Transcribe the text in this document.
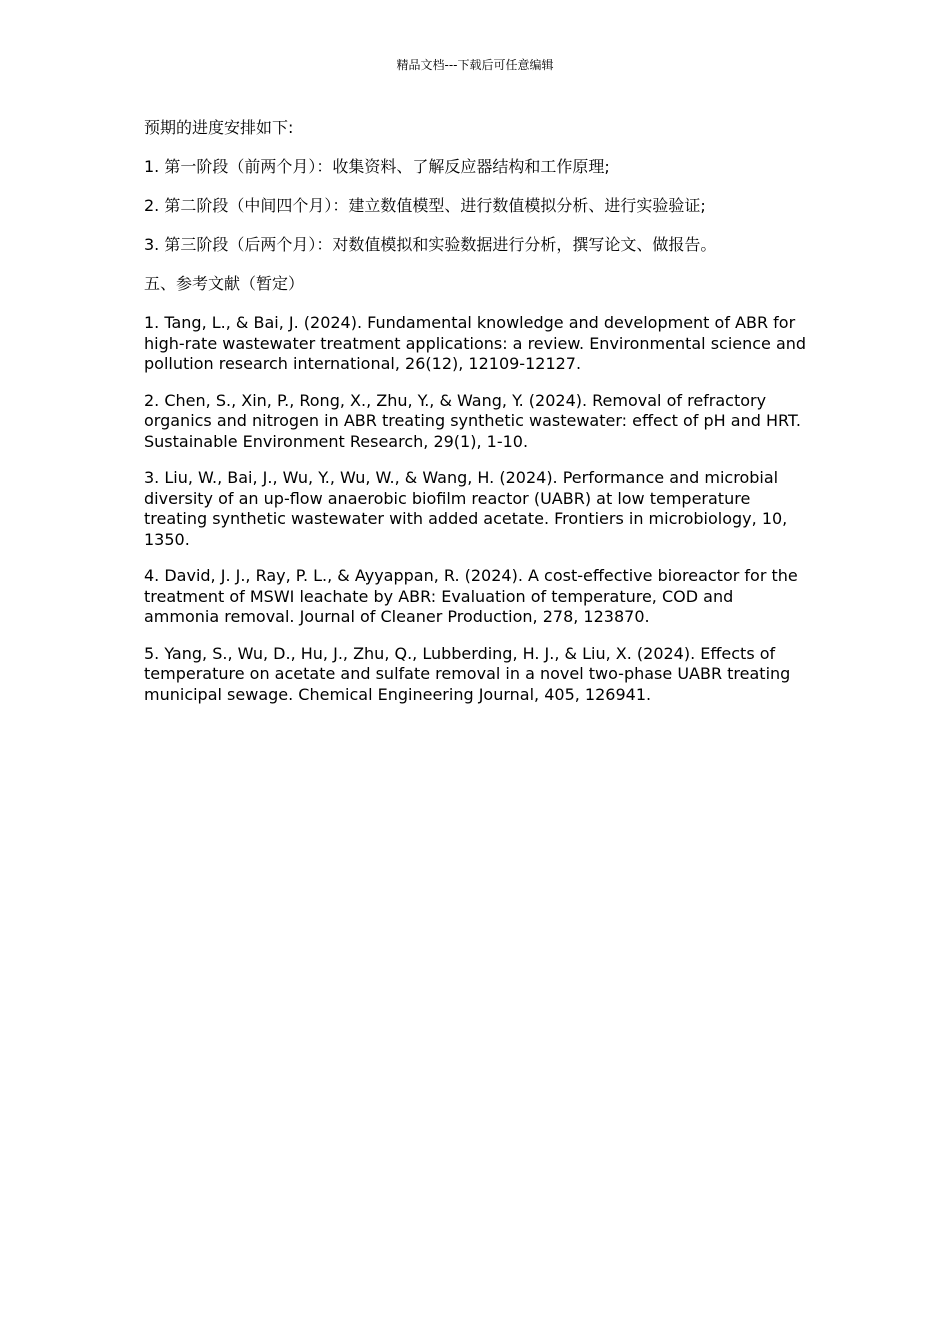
精品文档---下载后可任意编辑

预期的进度安排如下:

1. 第一阶段（前两个月）：收集资料、了解反应器结构和工作原理;

2. 第二阶段（中间四个月）：建立数值模型、进行数值模拟分析、进行实验验证;

3. 第三阶段（后两个月）：对数值模拟和实验数据进行分析，撰写论文、做报告。

五、参考文献（暂定）

1. Tang, L., & Bai, J. (2024). Fundamental knowledge and development of ABR for high-rate wastewater treatment applications: a review. Environmental science and pollution research international, 26(12), 12109-12127.

2. Chen, S., Xin, P., Rong, X., Zhu, Y., & Wang, Y. (2024). Removal of refractory organics and nitrogen in ABR treating synthetic wastewater: effect of pH and HRT. Sustainable Environment Research, 29(1), 1-10.

3. Liu, W., Bai, J., Wu, Y., Wu, W., & Wang, H. (2024). Performance and microbial diversity of an up-flow anaerobic biofilm reactor (UABR) at low temperature treating synthetic wastewater with added acetate. Frontiers in microbiology, 10, 1350.

4. David, J. J., Ray, P. L., & Ayyappan, R. (2024). A cost-effective bioreactor for the treatment of MSWI leachate by ABR: Evaluation of temperature, COD and ammonia removal. Journal of Cleaner Production, 278, 123870.

5. Yang, S., Wu, D., Hu, J., Zhu, Q., Lubberding, H. J., & Liu, X. (2024). Effects of temperature on acetate and sulfate removal in a novel two-phase UABR treating municipal sewage. Chemical Engineering Journal, 405, 126941.
